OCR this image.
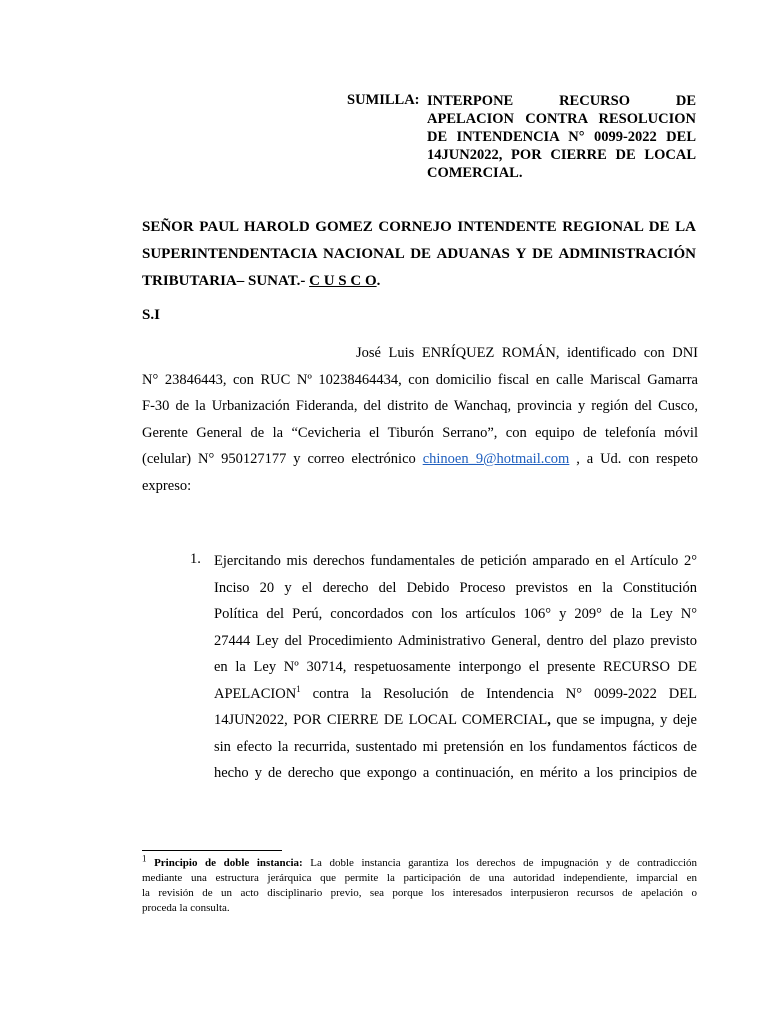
SUMILLA: INTERPONE RECURSO DE
APELACION CONTRA RESOLUCION
DE INTENDENCIA N° 0099-2022 DEL
14JUN2022, POR CIERRE DE LOCAL
COMERCIAL.
SEÑOR PAUL HAROLD GOMEZ CORNEJO INTENDENTE REGIONAL DE LA
SUPERINTENDENTACIA NACIONAL DE ADUANAS Y DE ADMINISTRACIÓN
TRIBUTARIA– SUNAT.- C U S C O.
S.I
José Luis ENRÍQUEZ ROMÁN, identificado con DNI
N° 23846443, con RUC Nº 10238464434, con domicilio fiscal en calle Mariscal Gamarra
F-30 de la Urbanización Fideranda, del distrito de Wanchaq, provincia y región del Cusco,
Gerente General de la “Cevicheria el Tiburón Serrano”, con equipo de telefonía móvil
(celular) N° 950127177 y correo electrónico chinoen_9@hotmail.com , a Ud. con respeto
expreso:
1. Ejercitando mis derechos fundamentales de petición amparado en el Artículo 2°
Inciso 20 y el derecho del Debido Proceso previstos en la Constitución
Política del Perú, concordados con los artículos 106° y 209° de la Ley N°
27444 Ley del Procedimiento Administrativo General, dentro del plazo previsto
en la Ley Nº 30714, respetuosamente interpongo el presente RECURSO DE
APELACION$^1$ contra la Resolución de Intendencia N° 0099-2022 DEL
14JUN2022, POR CIERRE DE LOCAL COMERCIAL, que se impugna, y deje
sin efecto la recurrida, sustentado mi pretensión en los fundamentos fácticos de
hecho y de derecho que expongo a continuación, en mérito a los principios de
$^1$ Principio de doble instancia: La doble instancia garantiza los derechos de impugnación y de contradicción
mediante una estructura jerárquica que permite la participación de una autoridad independiente, imparcial en
la revisión de un acto disciplinario previo, sea porque los interesados interpusieron recursos de apelación o
proceda la consulta.
